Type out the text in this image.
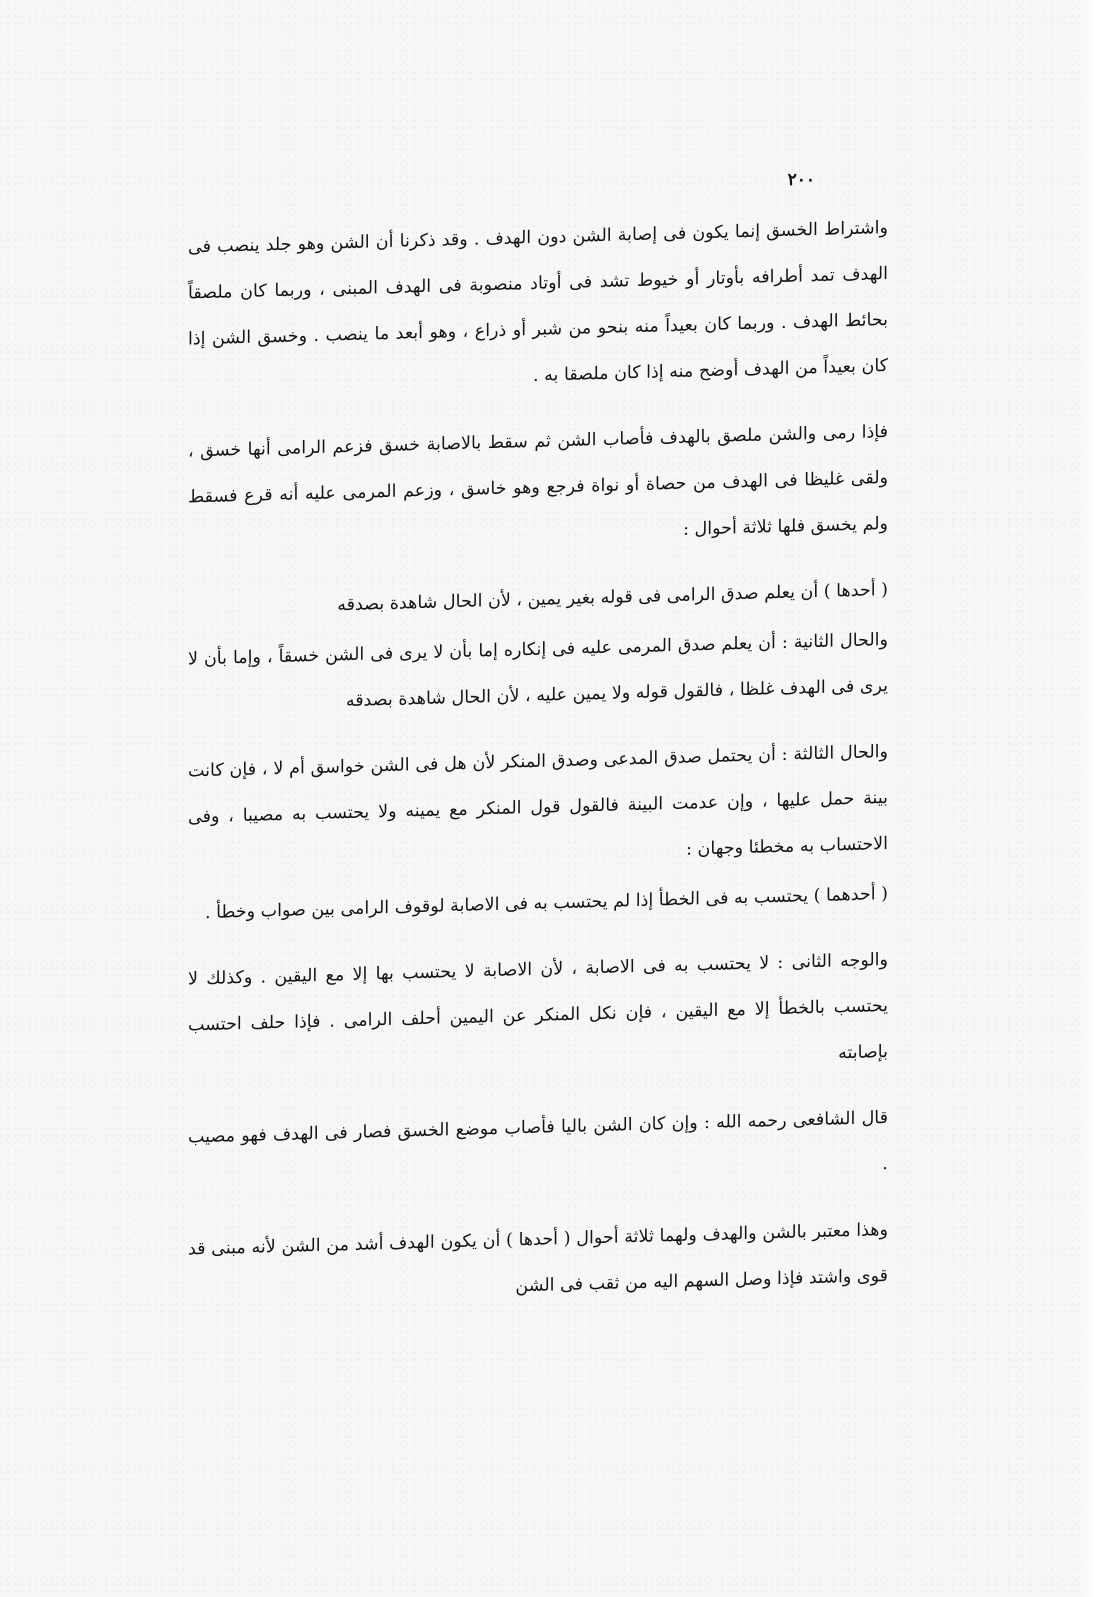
٢٠٠

واشتراط الخسق إنما يكون فى إصابة الشن دون الهدف . وقد ذكرنا أن الشن وهو جلد ينصب فى الهدف تمد أطرافه بأوتار أو خيوط تشد فى أوتاد منصوبة فى الهدف المبنى ، وربما كان ملصقاً بحائط الهدف . وربما كان بعيداً منه بنحو من شبر أو ذراع ، وهو أبعد ما ينصب . وخسق الشن إذا كان بعيداً من الهدف أوضح منه إذا كان ملصقا به .

فإذا رمى والشن ملصق بالهدف فأصاب الشن ثم سقط بالاصابة خسق فزعم الرامى أنها خسق ، ولقى غليظا فى الهدف من حصاة أو نواة فرجع وهو خاسق ، وزعم المرمى عليه أنه قرع فسقط ولم يخسق فلها ثلاثة أحوال :

( أحدها ) أن يعلم صدق الرامى فى قوله بغير يمين ، لأن الحال شاهدة بصدقه

والحال الثانية : أن يعلم صدق المرمى عليه فى إنكاره إما بأن لا يرى فى الشن خسقاً ، وإما بأن لا يرى فى الهدف غلظا ، فالقول قوله ولا يمين عليه ، لأن الحال شاهدة بصدقه

والحال الثالثة : أن يحتمل صدق المدعى وصدق المنكر لأن هل فى الشن خواسق أم لا ، فإن كانت بينة حمل عليها ، وإن عدمت البينة فالقول قول المنكر مع يمينه ولا يحتسب به مصيبا ، وفى الاحتساب به مخطئا وجهان :

( أحدهما ) يحتسب به فى الخطأ إذا لم يحتسب به فى الاصابة لوقوف الرامى بين صواب وخطأ .

والوجه الثانى : لا يحتسب به فى الاصابة ، لأن الاصابة لا يحتسب بها إلا مع اليقين . وكذلك لا يحتسب بالخطأ إلا مع اليقين ، فإن نكل المنكر عن اليمين أحلف الرامى . فإذا حلف احتسب بإصابته

قال الشافعى رحمه الله : وإن كان الشن باليا فأصاب موضع الخسق فصار فى الهدف فهو مصيب .

وهذا معتبر بالشن والهدف ولهما ثلاثة أحوال ( أحدها ) أن يكون الهدف أشد من الشن لأنه مبنى قد قوى واشتد فإذا وصل السهم اليه من ثقب فى الشن
